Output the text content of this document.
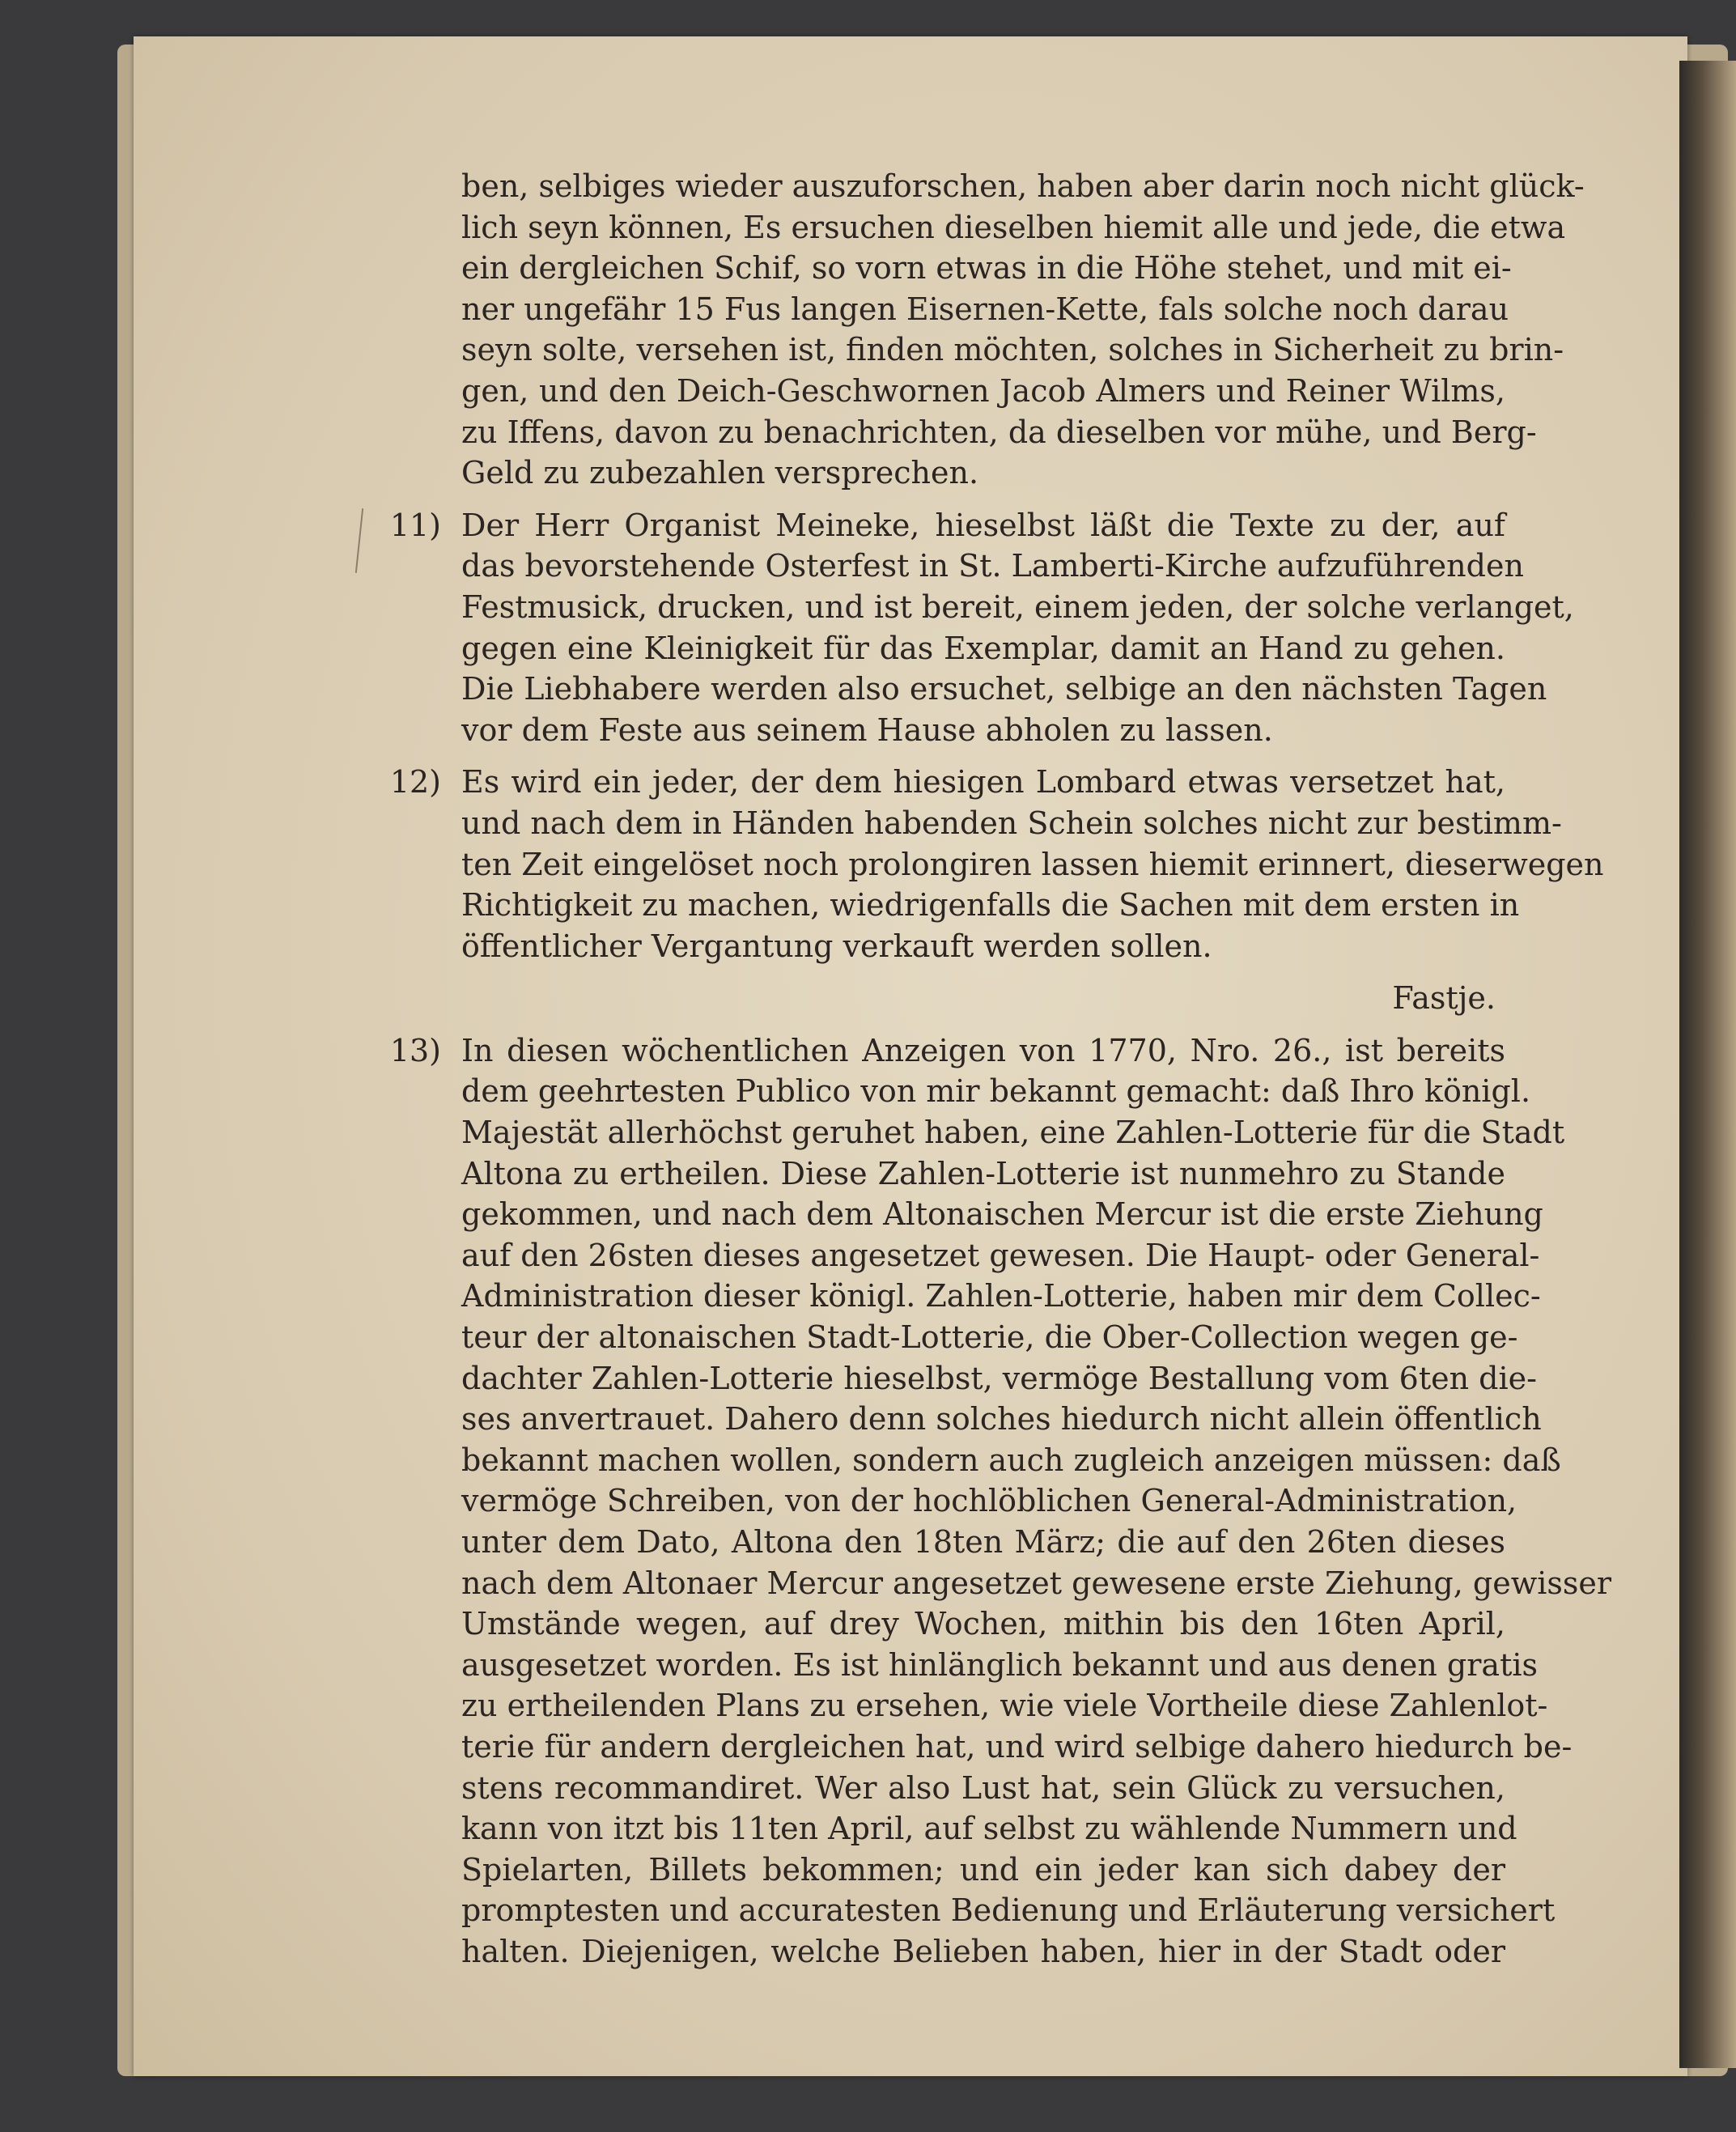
ben, selbiges wieder auszuforschen, haben aber darin noch nicht glück-
lich seyn können, Es ersuchen dieselben hiemit alle und jede, die etwa
ein dergleichen Schif, so vorn etwas in die Höhe stehet, und mit ei-
ner ungefähr 15 Fus langen Eisernen-Kette, fals solche noch darau
seyn solte, versehen ist, finden möchten, solches in Sicherheit zu brin-
gen, und den Deich-Geschwornen Jacob Almers und Reiner Wilms,
zu Iffens, davon zu benachrichten, da dieselben vor mühe, und Berg-
Geld zu zubezahlen versprechen.
11) Der Herr Organist Meineke, hieselbst läßt die Texte zu der, auf
das bevorstehende Osterfest in St. Lamberti-Kirche aufzuführenden
Festmusick, drucken, und ist bereit, einem jeden, der solche verlanget,
gegen eine Kleinigkeit für das Exemplar, damit an Hand zu gehen.
Die Liebhabere werden also ersuchet, selbige an den nächsten Tagen
vor dem Feste aus seinem Hause abholen zu lassen.
12) Es wird ein jeder, der dem hiesigen Lombard etwas versetzet hat,
und nach dem in Händen habenden Schein solches nicht zur bestimm-
ten Zeit eingelöset noch prolongiren lassen hiemit erinnert, dieserwegen
Richtigkeit zu machen, wiedrigenfalls die Sachen mit dem ersten in
öffentlicher Vergantung verkauft werden sollen.
Fastje.
13) In diesen wöchentlichen Anzeigen von 1770, Nro. 26., ist bereits
dem geehrtesten Publico von mir bekannt gemacht: daß Ihro königl.
Majestät allerhöchst geruhet haben, eine Zahlen-Lotterie für die Stadt
Altona zu ertheilen. Diese Zahlen-Lotterie ist nunmehro zu Stande
gekommen, und nach dem Altonaischen Mercur ist die erste Ziehung
auf den 26sten dieses angesetzet gewesen. Die Haupt- oder General-
Administration dieser königl. Zahlen-Lotterie, haben mir dem Collec-
teur der altonaischen Stadt-Lotterie, die Ober-Collection wegen ge-
dachter Zahlen-Lotterie hieselbst, vermöge Bestallung vom 6ten die-
ses anvertrauet. Dahero denn solches hiedurch nicht allein öffentlich
bekannt machen wollen, sondern auch zugleich anzeigen müssen: daß
vermöge Schreiben, von der hochlöblichen General-Administration,
unter dem Dato, Altona den 18ten März; die auf den 26ten dieses
nach dem Altonaer Mercur angesetzet gewesene erste Ziehung, gewisser
Umstände wegen, auf drey Wochen, mithin bis den 16ten April,
ausgesetzet worden. Es ist hinlänglich bekannt und aus denen gratis
zu ertheilenden Plans zu ersehen, wie viele Vortheile diese Zahlenlot-
terie für andern dergleichen hat, und wird selbige dahero hiedurch be-
stens recommandiret. Wer also Lust hat, sein Glück zu versuchen,
kann von itzt bis 11ten April, auf selbst zu wählende Nummern und
Spielarten, Billets bekommen; und ein jeder kan sich dabey der
promptesten und accuratesten Bedienung und Erläuterung versichert
halten. Diejenigen, welche Belieben haben, hier in der Stadt oder
